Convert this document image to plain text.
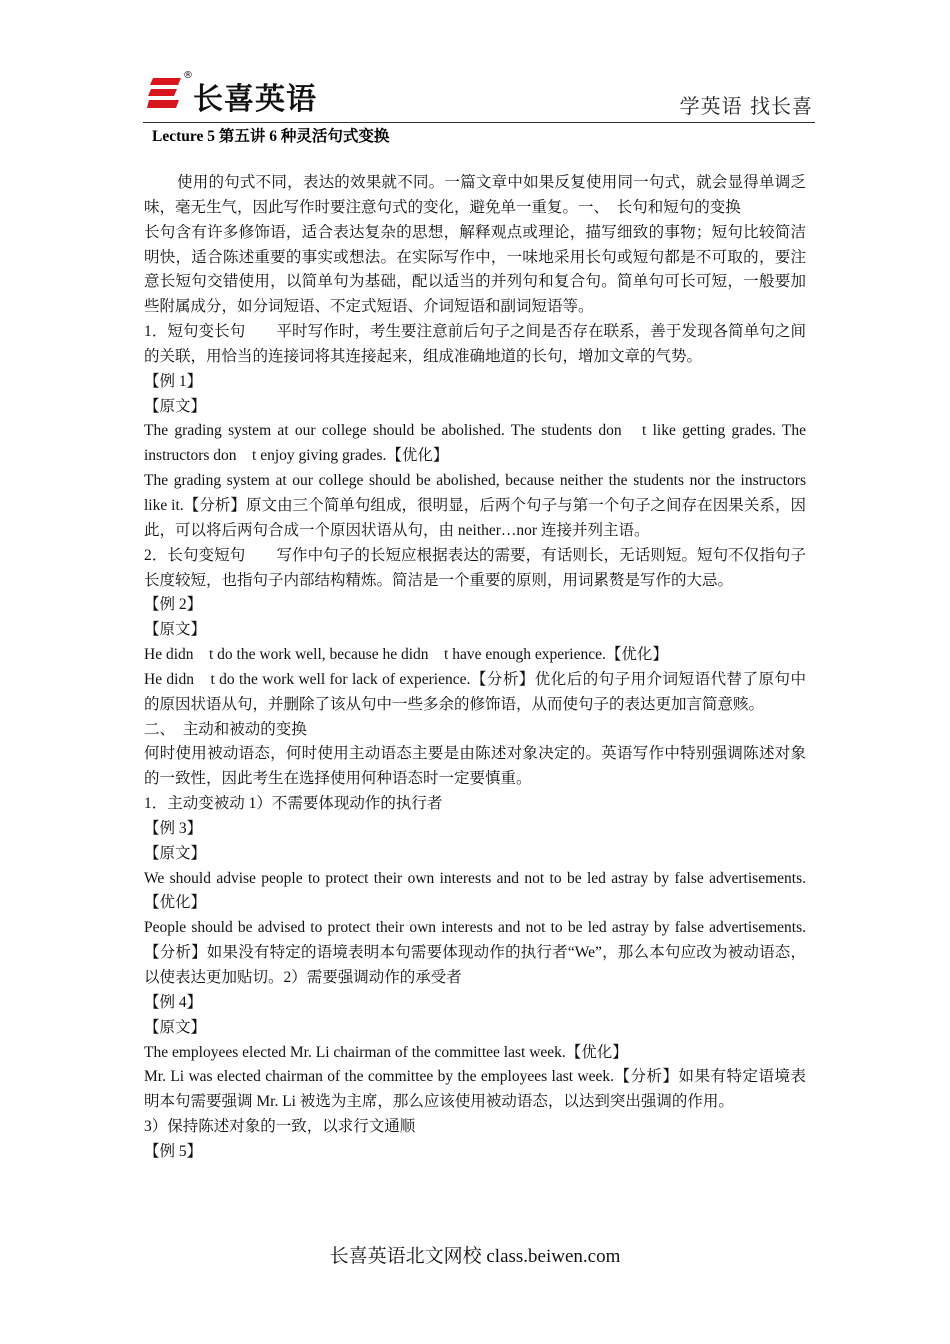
®
长喜英语	学英语 找长喜
Lecture 5 第五讲 6 种灵活句式变换

使用的句式不同，表达的效果就不同。一篇文章中如果反复使用同一句式，就会显得单调乏味，毫无生气，因此写作时要注意句式的变化，避免单一重复。一、　长句和短句的变换

长句含有许多修饰语，适合表达复杂的思想，解释观点或理论，描写细致的事物；短句比较简洁明快，适合陈述重要的事实或想法。在实际写作中，一味地采用长句或短句都是不可取的，要注意长短句交错使用，以简单句为基础，配以适当的并列句和复合句。简单句可长可短，一般要加些附属成分，如分词短语、不定式短语、介词短语和副词短语等。

1．短句变长句　　平时写作时，考生要注意前后句子之间是否存在联系，善于发现各简单句之间的关联，用恰当的连接词将其连接起来，组成准确地道的长句，增加文章的气势。

【例 1】

【原文】

The grading system at our college should be abolished. The students don　t like getting grades. The instructors don　t enjoy giving grades.【优化】

The grading system at our college should be abolished, because neither the students nor the instructors like it.【分析】原文由三个简单句组成，很明显，后两个句子与第一个句子之间存在因果关系，因此，可以将后两句合成一个原因状语从句，由 neither…nor 连接并列主语。

2．长句变短句　　写作中句子的长短应根据表达的需要，有话则长，无话则短。短句不仅指句子长度较短，也指句子内部结构精炼。简洁是一个重要的原则，用词累赘是写作的大忌。

【例 2】

【原文】

He didn　t do the work well, because he didn　t have enough experience.【优化】

He didn　t do the work well for lack of experience.【分析】优化后的句子用介词短语代替了原句中的原因状语从句，并删除了该从句中一些多余的修饰语，从而使句子的表达更加言简意赅。

二、　主动和被动的变换

何时使用被动语态，何时使用主动语态主要是由陈述对象决定的。英语写作中特别强调陈述对象的一致性，因此考生在选择使用何种语态时一定要慎重。

1．主动变被动 1）不需要体现动作的执行者

【例 3】

【原文】

We should advise people to protect their own interests and not to be led astray by false advertisements.【优化】

People should be advised to protect their own interests and not to be led astray by false advertisements.【分析】如果没有特定的语境表明本句需要体现动作的执行者“We”，那么本句应改为被动语态，以使表达更加贴切。2）需要强调动作的承受者

【例 4】

【原文】

The employees elected Mr. Li chairman of the committee last week.【优化】

Mr. Li was elected chairman of the committee by the employees last week.【分析】如果有特定语境表明本句需要强调 Mr. Li 被选为主席，那么应该使用被动语态，以达到突出强调的作用。

3）保持陈述对象的一致，以求行文通顺

【例 5】

长喜英语北文网校 class.beiwen.com
